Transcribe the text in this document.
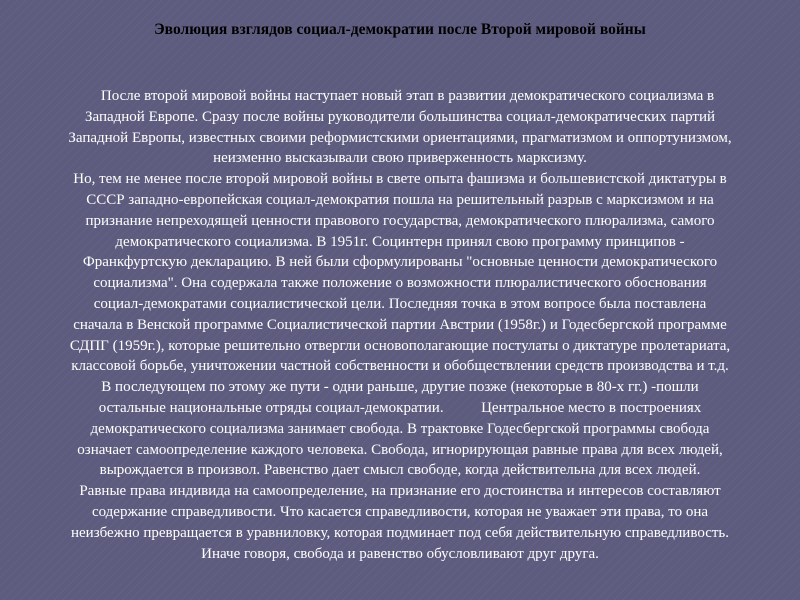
Эволюция взглядов социал-демократии после Второй мировой войны

После второй мировой войны наступает новый этап в развитии демократического социализма в

Западной Европе. Сразу после войны руководители большинства социал-демократических партий

Западной Европы, известных своими реформистскими ориентациями, прагматизмом и оппортунизмом,

неизменно высказывали свою приверженность марксизму.

Но, тем не менее после второй мировой войны в свете опыта фашизма и большевистской диктатуры в

СССР западно-европейская социал-демократия пошла на решительный разрыв с марксизмом и на

признание непреходящей ценности правового государства, демократического плюрализма, самого

демократического социализма. В 1951г. Социнтерн принял свою программу принципов -

Франкфуртскую декларацию. В ней были сформулированы "основные ценности демократического

социализма". Она содержала также положение о возможности плюралистического обоснования

социал-демократами социалистической цели. Последняя точка в этом вопросе была поставлена

сначала в Венской программе Социалистической партии Австрии (1958г.) и Годесбергской программе

СДПГ (1959г.), которые решительно отвергли основополагающие постулаты о диктатуре пролетариата,

классовой борьбе, уничтожении частной собственности и обобществлении средств производства и т.д.

В последующем по этому же пути - одни раньше, другие позже (некоторые в 80-х гг.) -пошли

остальные национальные отряды социал-демократии.          Центральное место в построениях

демократического социализма занимает свобода. В трактовке Годесбергской программы свобода

означает самоопределение каждого человека. Свобода, игнорирующая равные права для всех людей,

вырождается в произвол. Равенство дает смысл свободе, когда действительна для всех людей.

Равные права индивида на самоопределение, на признание его достоинства и интересов составляют

содержание справедливости. Что касается справедливости, которая не уважает эти права, то она

неизбежно превращается в уравниловку, которая подминает под себя действительную справедливость.

Иначе говоря, свобода и равенство обусловливают друг друга.
